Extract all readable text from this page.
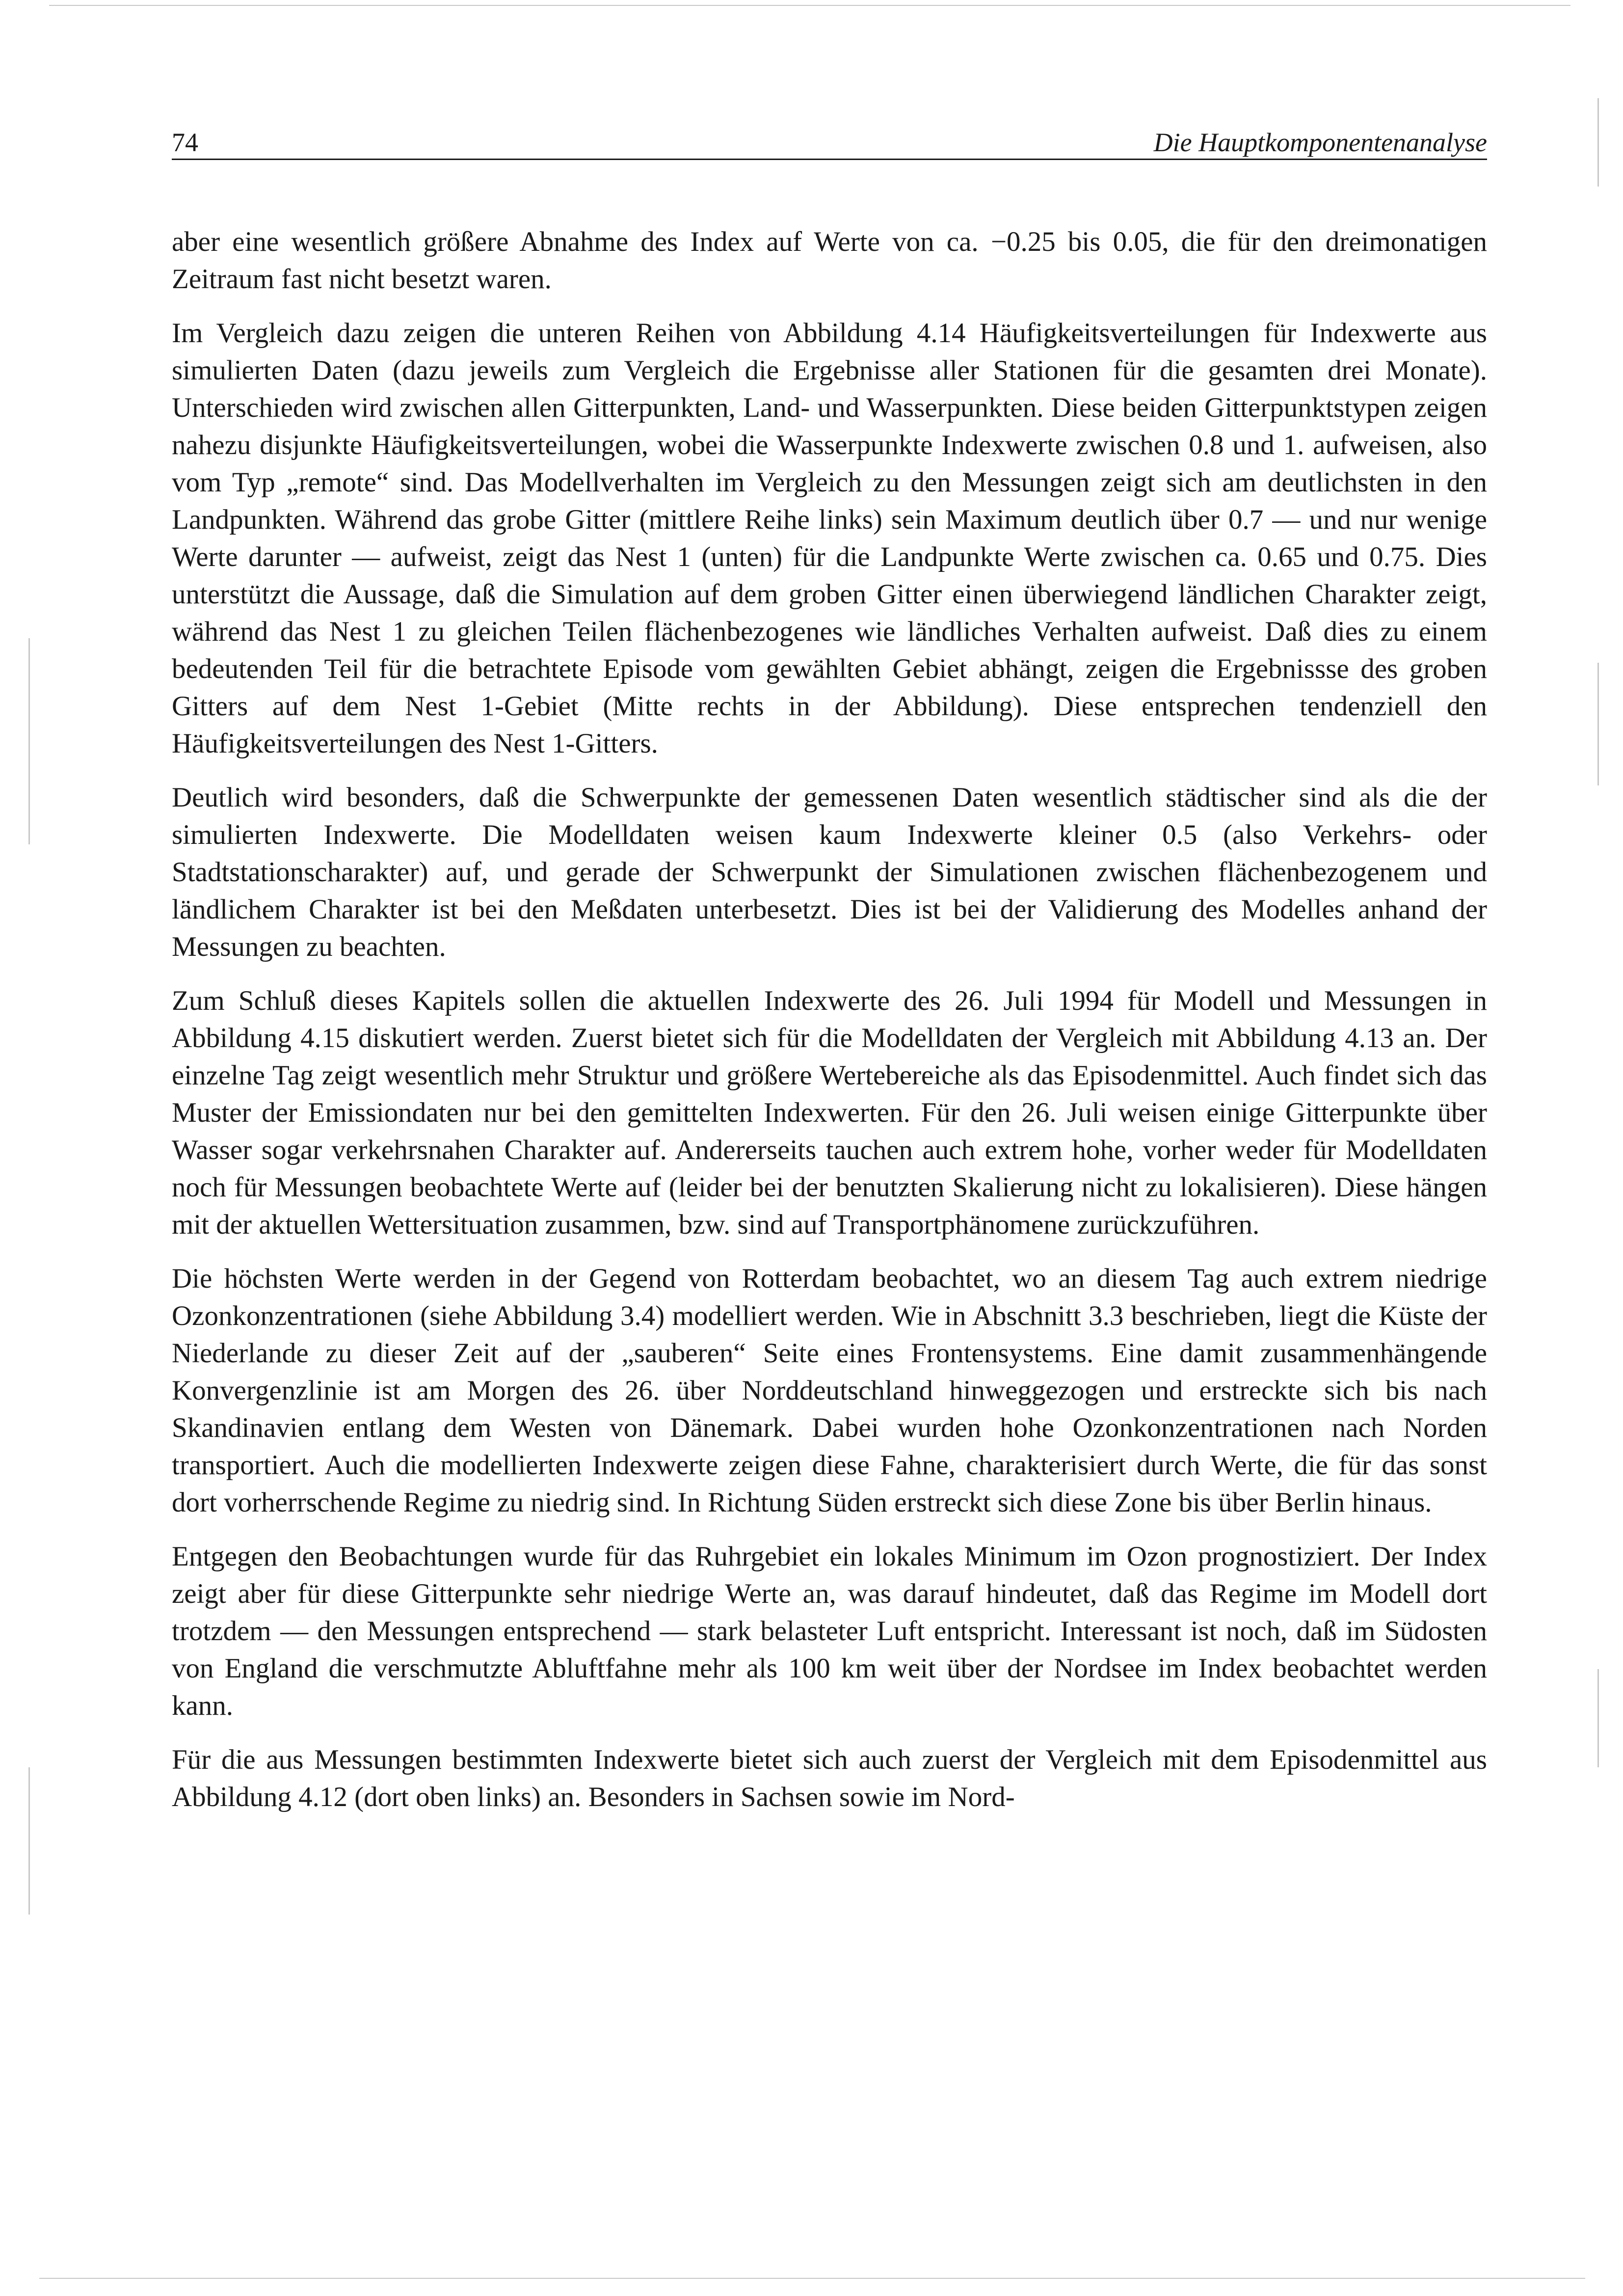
74	Die Hauptkomponentenanalyse

aber eine wesentlich größere Abnahme des Index auf Werte von ca. −0.25 bis 0.05, die für den dreimonatigen Zeitraum fast nicht besetzt waren.

Im Vergleich dazu zeigen die unteren Reihen von Abbildung 4.14 Häufigkeitsverteilungen für Indexwerte aus simulierten Daten (dazu jeweils zum Vergleich die Ergebnisse aller Stationen für die gesamten drei Monate). Unterschieden wird zwischen allen Gitterpunkten, Land- und Wasserpunkten. Diese beiden Gitterpunktstypen zeigen nahezu disjunkte Häufigkeitsverteilungen, wobei die Wasserpunkte Indexwerte zwischen 0.8 und 1. aufweisen, also vom Typ „remote“ sind. Das Modellverhalten im Vergleich zu den Messungen zeigt sich am deutlichsten in den Landpunkten. Während das grobe Gitter (mittlere Reihe links) sein Maximum deutlich über 0.7 — und nur wenige Werte darunter — aufweist, zeigt das Nest 1 (unten) für die Landpunkte Werte zwischen ca. 0.65 und 0.75. Dies unterstützt die Aussage, daß die Simulation auf dem groben Gitter einen überwiegend ländlichen Charakter zeigt, während das Nest 1 zu gleichen Teilen flächenbezogenes wie ländliches Verhalten aufweist. Daß dies zu einem bedeutenden Teil für die betrachtete Episode vom gewählten Gebiet abhängt, zeigen die Ergebnissse des groben Gitters auf dem Nest 1-Gebiet (Mitte rechts in der Abbildung). Diese entsprechen tendenziell den Häufigkeitsverteilungen des Nest 1-Gitters.

Deutlich wird besonders, daß die Schwerpunkte der gemessenen Daten wesentlich städtischer sind als die der simulierten Indexwerte. Die Modelldaten weisen kaum Indexwerte kleiner 0.5 (also Verkehrs- oder Stadtstationscharakter) auf, und gerade der Schwerpunkt der Simulationen zwischen flächenbezogenem und ländlichem Charakter ist bei den Meßdaten unterbesetzt. Dies ist bei der Validierung des Modelles anhand der Messungen zu beachten.

Zum Schluß dieses Kapitels sollen die aktuellen Indexwerte des 26. Juli 1994 für Modell und Messungen in Abbildung 4.15 diskutiert werden. Zuerst bietet sich für die Modelldaten der Vergleich mit Abbildung 4.13 an. Der einzelne Tag zeigt wesentlich mehr Struktur und größere Wertebereiche als das Episodenmittel. Auch findet sich das Muster der Emissiondaten nur bei den gemittelten Indexwerten. Für den 26. Juli weisen einige Gitterpunkte über Wasser sogar verkehrsnahen Charakter auf. Andererseits tauchen auch extrem hohe, vorher weder für Modelldaten noch für Messungen beobachtete Werte auf (leider bei der benutzten Skalierung nicht zu lokalisieren). Diese hängen mit der aktuellen Wettersituation zusammen, bzw. sind auf Transportphänomene zurückzuführen.

Die höchsten Werte werden in der Gegend von Rotterdam beobachtet, wo an diesem Tag auch extrem niedrige Ozonkonzentrationen (siehe Abbildung 3.4) modelliert werden. Wie in Abschnitt 3.3 beschrieben, liegt die Küste der Niederlande zu dieser Zeit auf der „sauberen“ Seite eines Frontensystems. Eine damit zusammenhängende Konvergenzlinie ist am Morgen des 26. über Norddeutschland hinweggezogen und erstreckte sich bis nach Skandinavien entlang dem Westen von Dänemark. Dabei wurden hohe Ozonkonzentrationen nach Norden transportiert. Auch die modellierten Indexwerte zeigen diese Fahne, charakterisiert durch Werte, die für das sonst dort vorherrschende Regime zu niedrig sind. In Richtung Süden erstreckt sich diese Zone bis über Berlin hinaus.

Entgegen den Beobachtungen wurde für das Ruhrgebiet ein lokales Minimum im Ozon prognostiziert. Der Index zeigt aber für diese Gitterpunkte sehr niedrige Werte an, was darauf hindeutet, daß das Regime im Modell dort trotzdem — den Messungen entsprechend — stark belasteter Luft entspricht. Interessant ist noch, daß im Südosten von England die verschmutzte Abluftfahne mehr als 100 km weit über der Nordsee im Index beobachtet werden kann.

Für die aus Messungen bestimmten Indexwerte bietet sich auch zuerst der Vergleich mit dem Episodenmittel aus Abbildung 4.12 (dort oben links) an. Besonders in Sachsen sowie im Nord-
